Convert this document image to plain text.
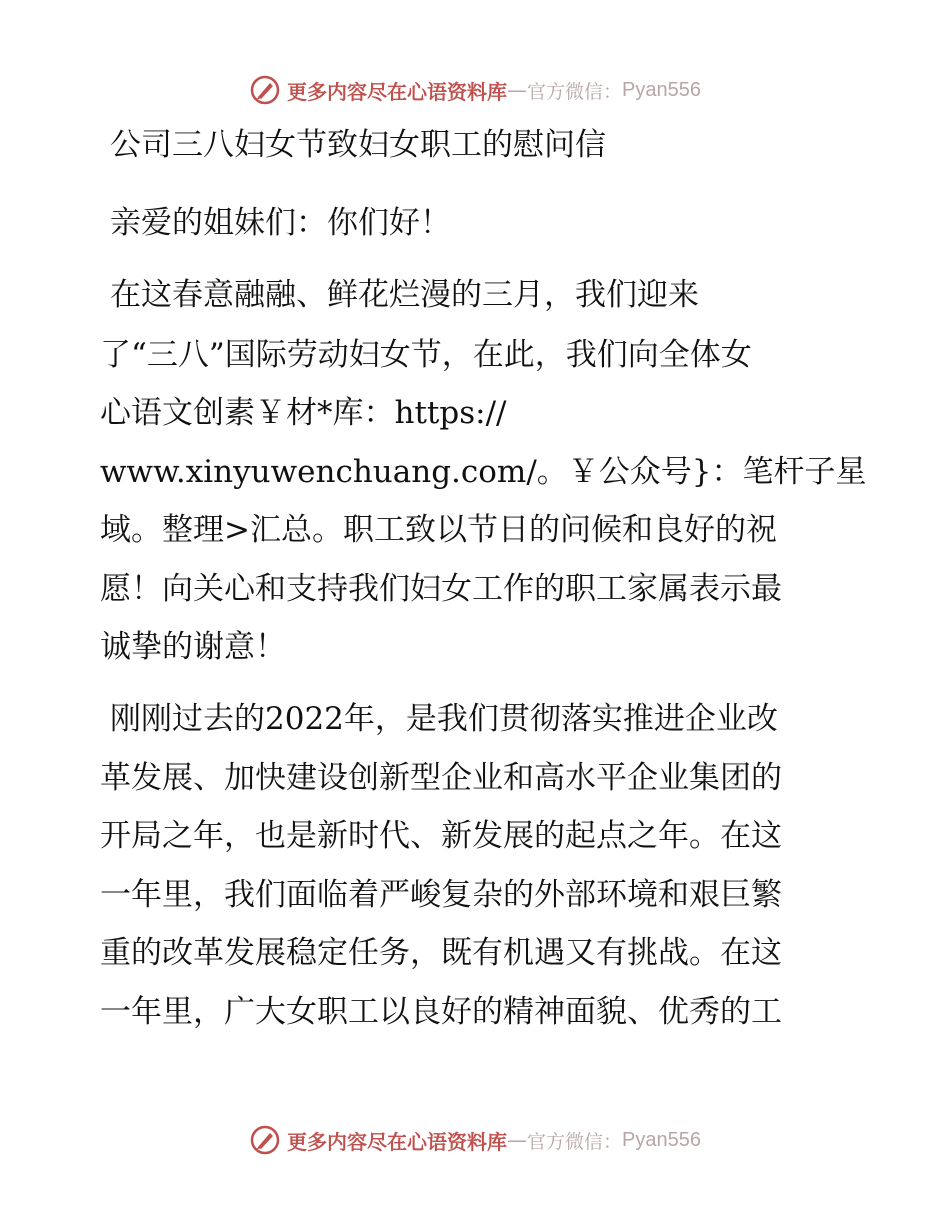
更多内容尽在心语资料库 — 官方微信： Pyan556

公司三八妇女节致妇女职工的慰问信

亲爱的姐妹们：你们好！

在这春意融融、鲜花烂漫的三月，我们迎来

了“三八”国际劳动妇女节，在此，我们向全体女

心语文创素￥材*库：https://

www.xinyuwenchuang.com/。￥公众号}：笔杆子星

域。整理>汇总。职工致以节日的问候和良好的祝

愿！向关心和支持我们妇女工作的职工家属表示最

诚挚的谢意！

刚刚过去的2022年，是我们贯彻落实推进企业改

革发展、加快建设创新型企业和高水平企业集团的

开局之年，也是新时代、新发展的起点之年。在这

一年里，我们面临着严峻复杂的外部环境和艰巨繁

重的改革发展稳定任务，既有机遇又有挑战。在这

一年里，广大女职工以良好的精神面貌、优秀的工

更多内容尽在心语资料库 — 官方微信： Pyan556
